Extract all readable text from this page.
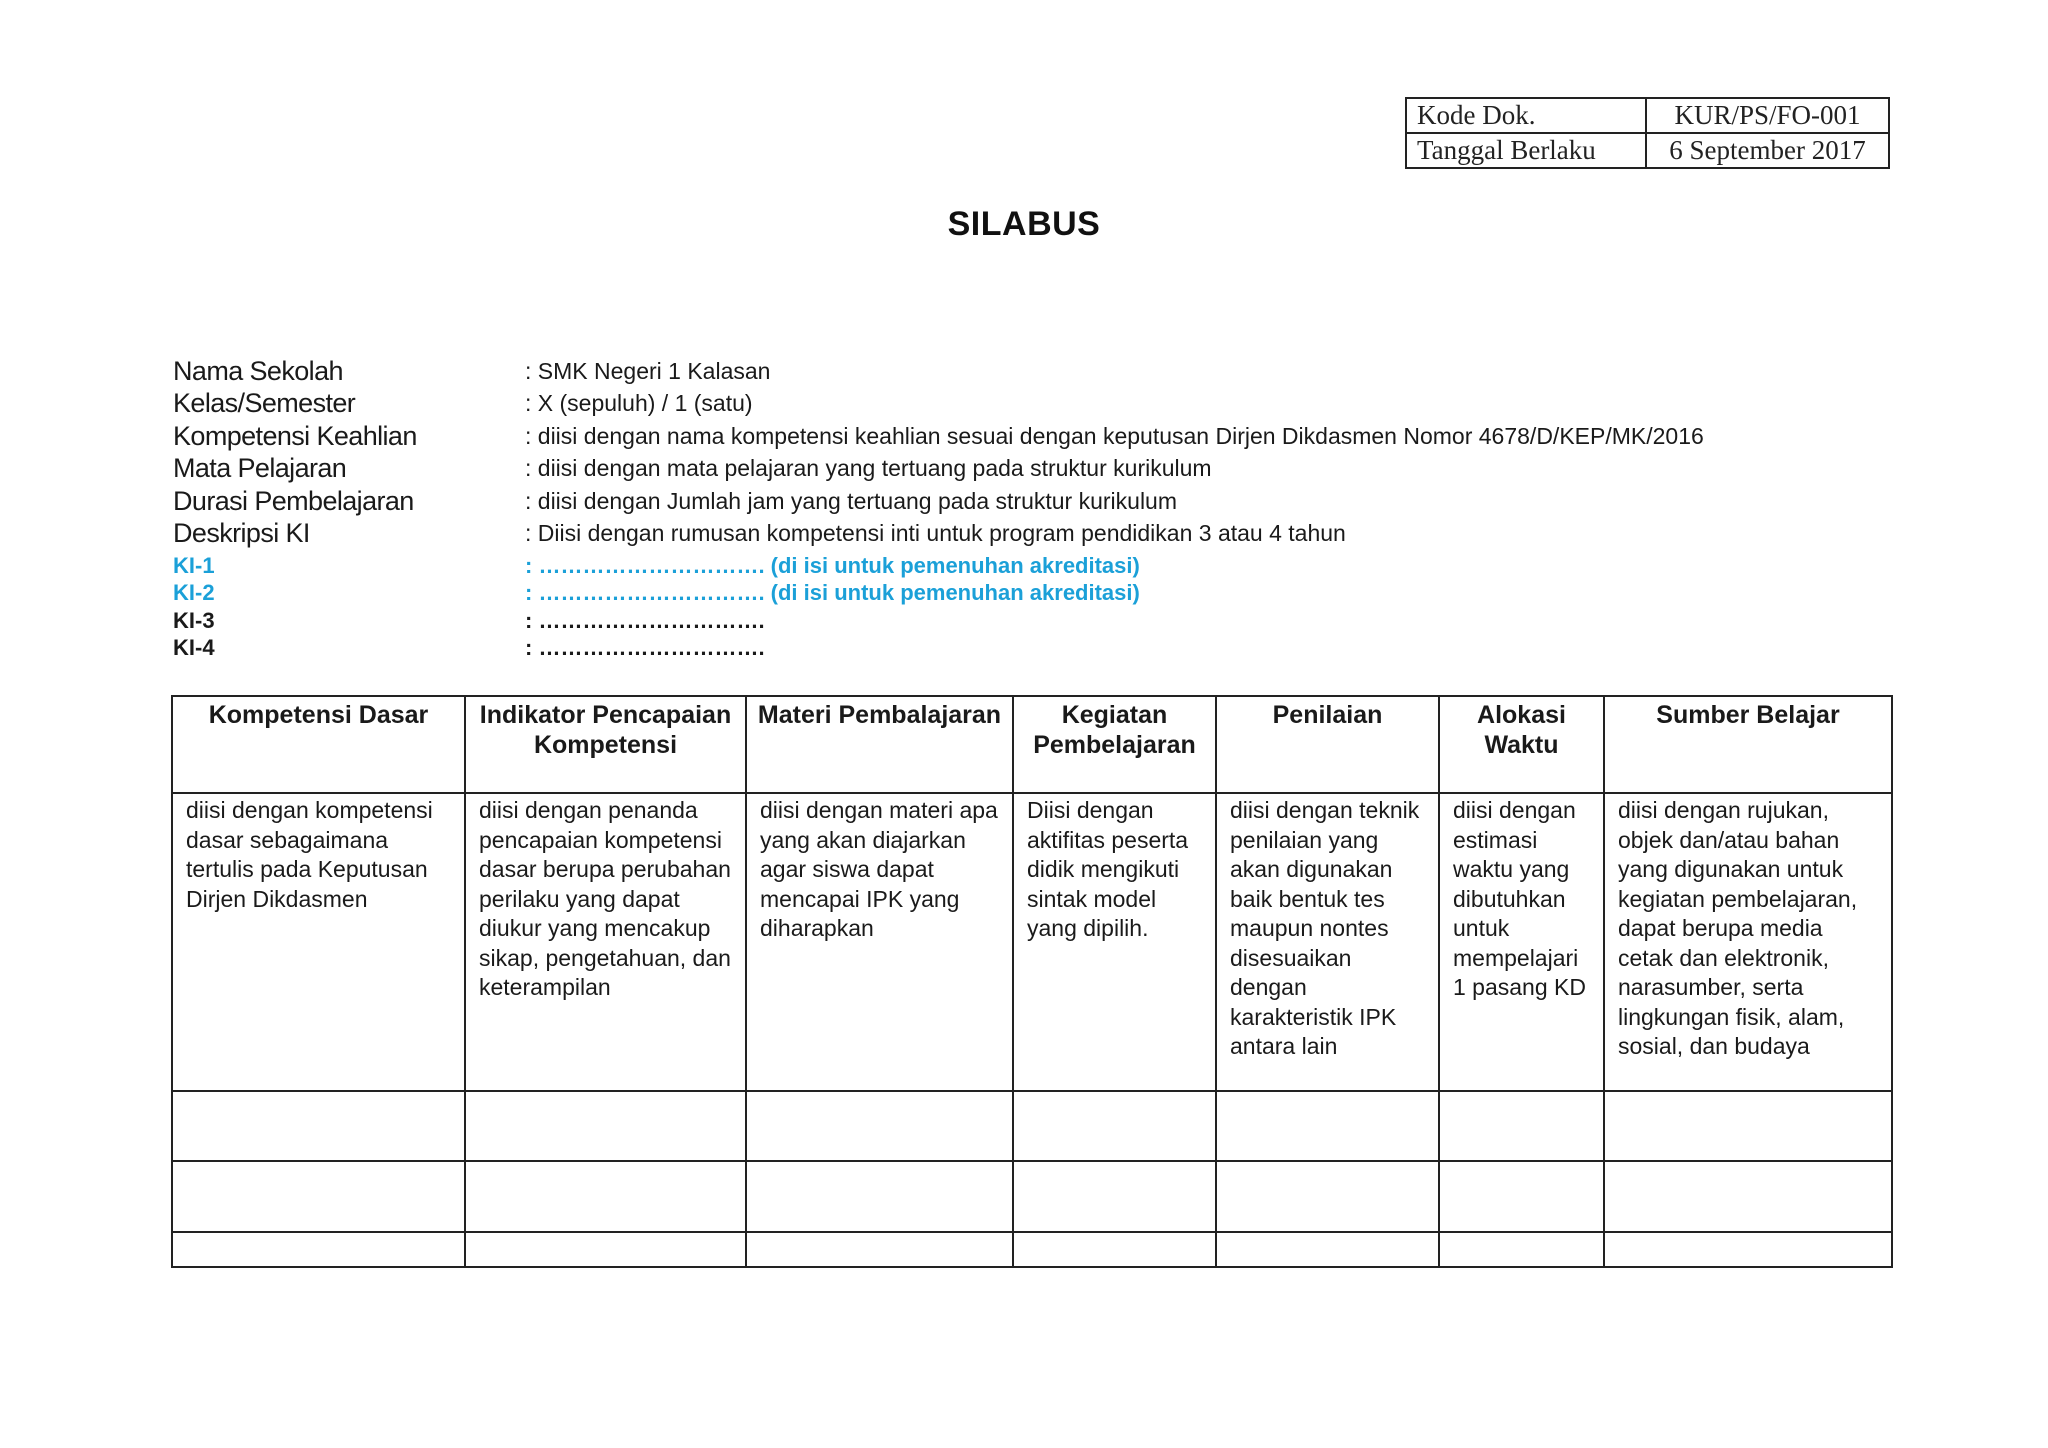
Kode Dok.	KUR/PS/FO-001
Tanggal Berlaku	6 September 2017
SILABUS
Nama Sekolah	: SMK Negeri 1 Kalasan
Kelas/Semester	: X (sepuluh) / 1 (satu)
Kompetensi Keahlian	: diisi dengan nama kompetensi keahlian sesuai dengan keputusan Dirjen Dikdasmen Nomor 4678/D/KEP/MK/2016
Mata Pelajaran	: diisi dengan mata pelajaran yang tertuang pada struktur kurikulum
Durasi Pembelajaran	: diisi dengan Jumlah jam yang tertuang pada struktur kurikulum
Deskripsi KI	: Diisi dengan rumusan kompetensi inti untuk program pendidikan 3 atau 4 tahun
KI-1	: …………………………. (di isi untuk pemenuhan akreditasi)
KI-2	: …………………………. (di isi untuk pemenuhan akreditasi)
KI-3	: ………………………….
KI-4	: ………………………….
Kompetensi Dasar	Indikator Pencapaian Kompetensi	Materi Pembalajaran	Kegiatan Pembelajaran	Penilaian	Alokasi Waktu	Sumber Belajar
diisi dengan kompetensi dasar sebagaimana tertulis pada Keputusan Dirjen Dikdasmen	diisi dengan penanda pencapaian kompetensi dasar berupa perubahan perilaku yang dapat diukur yang mencakup sikap, pengetahuan, dan keterampilan	diisi dengan materi apa yang akan diajarkan agar siswa dapat mencapai IPK yang diharapkan	Diisi dengan aktifitas peserta didik mengikuti sintak model yang dipilih.	diisi dengan teknik penilaian yang akan digunakan baik bentuk tes maupun nontes disesuaikan dengan karakteristik IPK antara lain	diisi dengan estimasi waktu yang dibutuhkan untuk mempelajari 1 pasang KD	diisi dengan rujukan, objek dan/atau bahan yang digunakan untuk kegiatan pembelajaran, dapat berupa media cetak dan elektronik, narasumber, serta lingkungan fisik, alam, sosial, dan budaya
